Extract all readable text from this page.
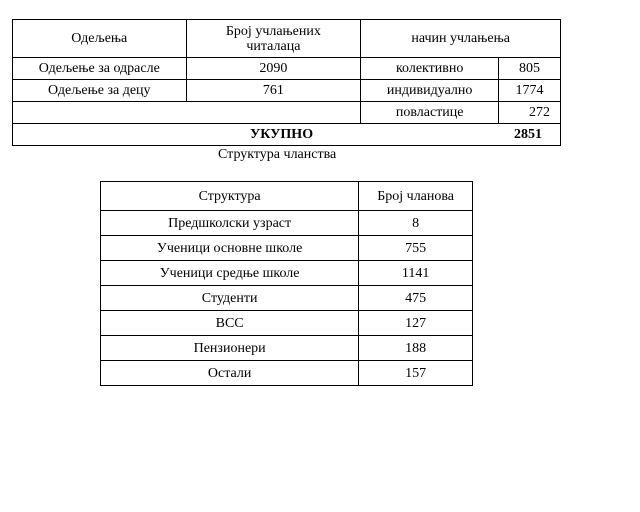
Одељења	Број учлањених читалаца	начин учлањења	
Одељење за одрасле	2090	колективно	805
Одељење за децу	761	индивидуално	1774
		повластице	272
УКУПНО			2851
Структура чланства
Структура	Број чланова
Предшколски узраст	8
Ученици основне школе	755
Ученици средње школе	1141
Студенти	475
ВСС	127
Пензионери	188
Остали	157
